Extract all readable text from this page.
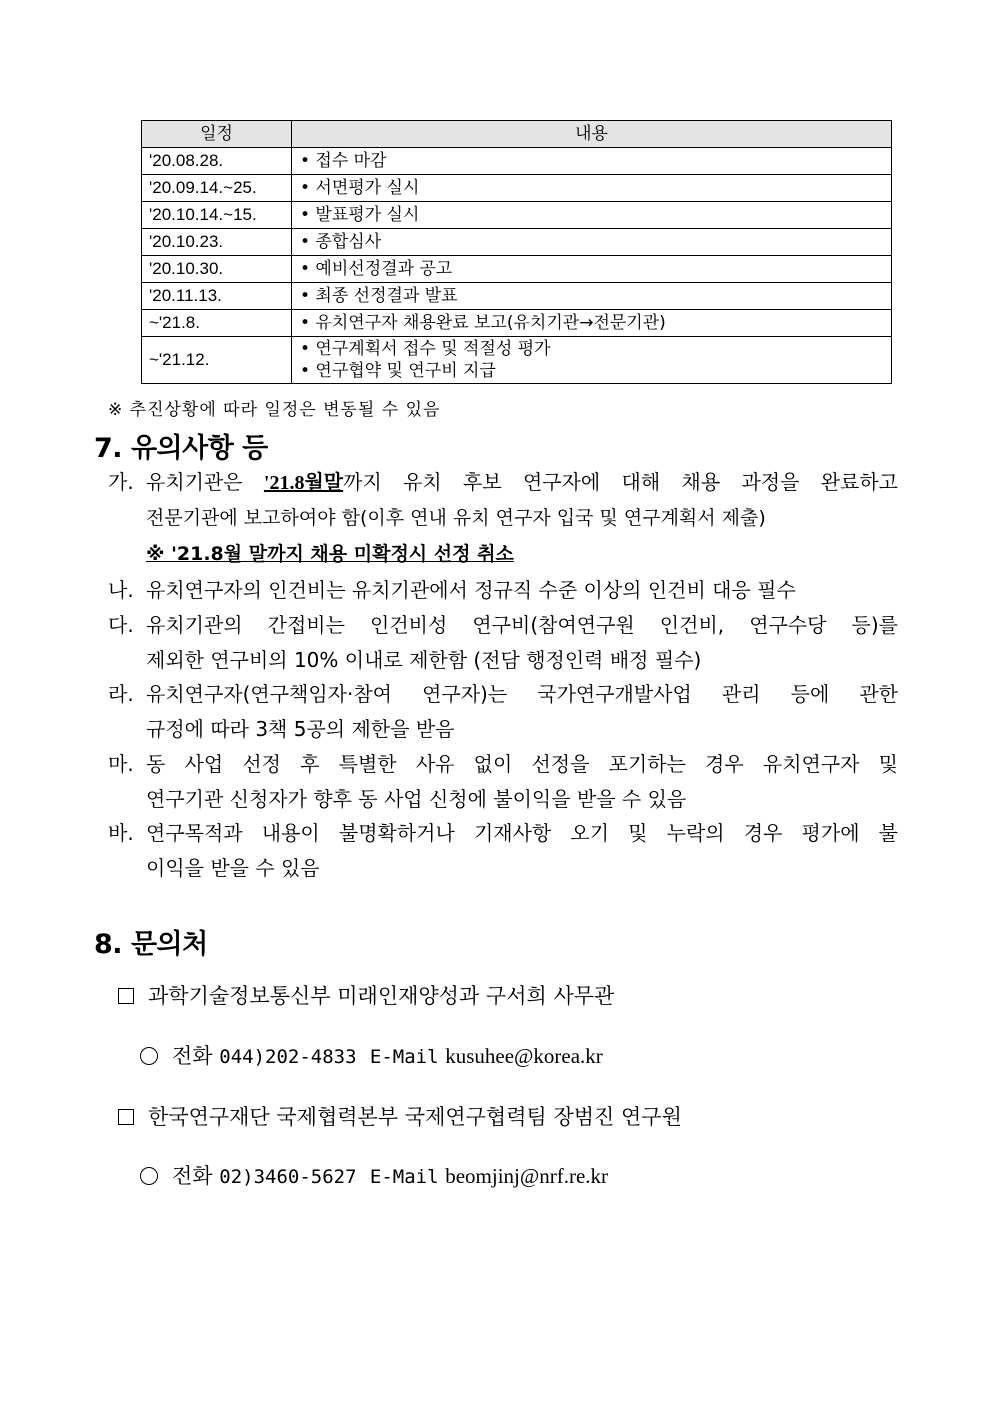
일정	내용
'20.08.28.	• 접수 마감

'20.09.14.~25.	• 서면평가 실시

'20.10.14.~15.	• 발표평가 실시

'20.10.23.	• 종합심사

'20.10.30.	• 예비선정결과 공고

'20.11.13.	• 최종 선정결과 발표

~'21.8.	• 유치연구자 채용완료 보고(유치기관→전문기관)

~'21.12.	• 연구계획서 접수 및 적절성 평가
• 연구협약 및 연구비 지급
※ 추진상황에 따라 일정은 변동될 수 있음
7. 유의사항 등
가. 유치기관은 '21.8월말까지 유치 후보 연구자에 대해 채용 과정을 완료하고
전문기관에 보고하여야 함(이후 연내 유치 연구자 입국 및 연구계획서 제출)
※ '21.8월 말까지 채용 미확정시 선정 취소
나. 유치연구자의 인건비는 유치기관에서 정규직 수준 이상의 인건비 대응 필수
다. 유치기관의 간접비는 인건비성 연구비(참여연구원 인건비, 연구수당 등)를
제외한 연구비의 10% 이내로 제한함 (전담 행정인력 배정 필수)
라. 유치연구자(연구책임자·참여 연구자)는 국가연구개발사업 관리 등에 관한
규정에 따라 3책 5공의 제한을 받음
마. 동 사업 선정 후 특별한 사유 없이 선정을 포기하는 경우 유치연구자 및
연구기관 신청자가 향후 동 사업 신청에 불이익을 받을 수 있음
바. 연구목적과 내용이 불명확하거나 기재사항 오기 및 누락의 경우 평가에 불
이익을 받을 수 있음
8. 문의처
과학기술정보통신부 미래인재양성과 구서희 사무관
전화 044)202-4833 E-Mail kusuhee@korea.kr
한국연구재단 국제협력본부 국제연구협력팀 장범진 연구원
전화 02)3460-5627 E-Mail beomjinj@nrf.re.kr
